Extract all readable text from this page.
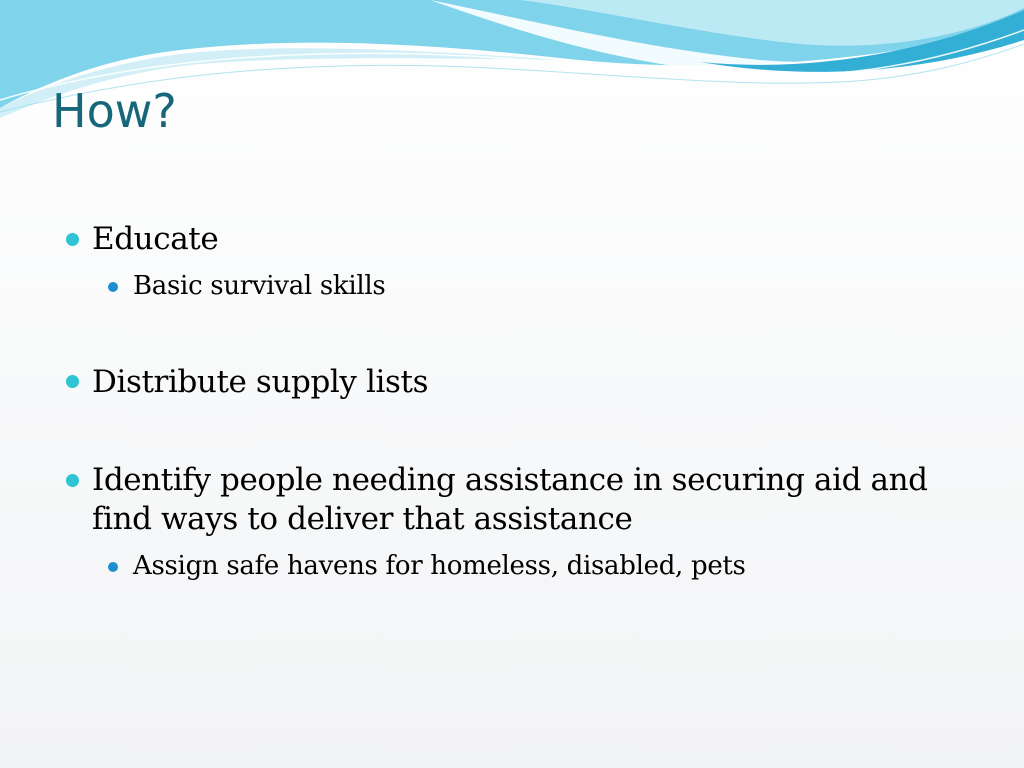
How?

Educate

Basic survival skills

Distribute supply lists

Identify people needing assistance in securing aid and find ways to deliver that assistance

Assign safe havens for homeless, disabled, pets
